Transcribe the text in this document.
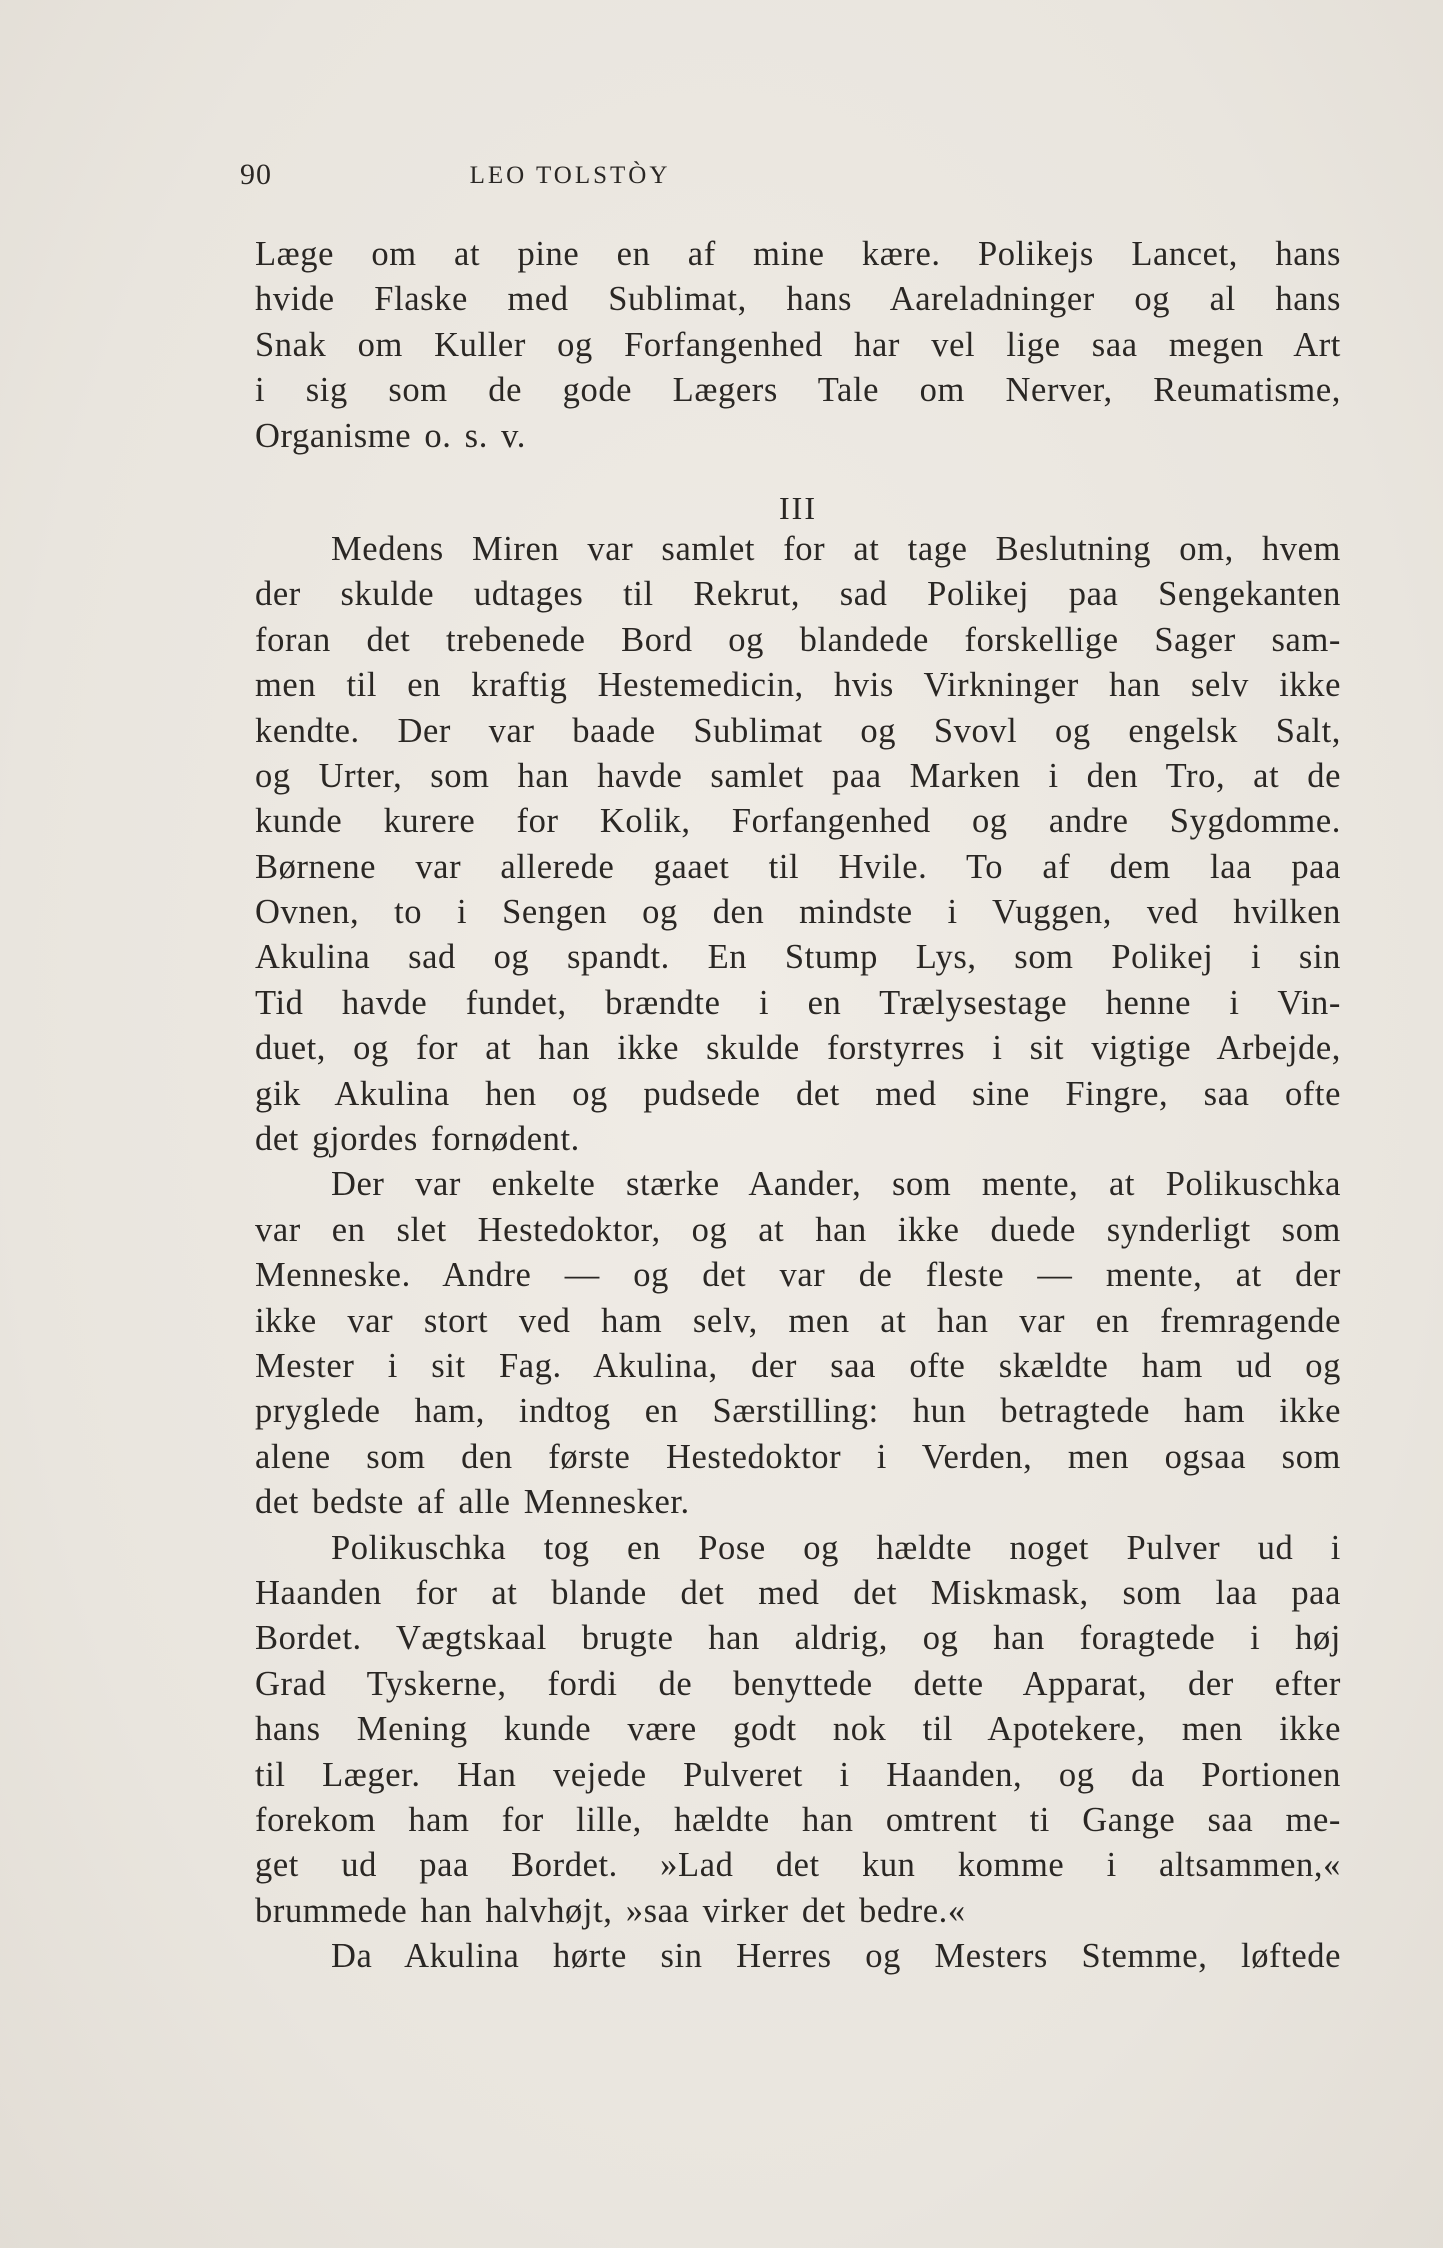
90	LEO TOLSTÒY
Læge om at pine en af mine kære. Polikejs Lancet, hans
hvide Flaske med Sublimat, hans Aareladninger og al hans
Snak om Kuller og Forfangenhed har vel lige saa megen Art
i sig som de gode Lægers Tale om Nerver, Reumatisme,
Organisme o. s. v.
III
Medens Miren var samlet for at tage Beslutning om, hvem
der skulde udtages til Rekrut, sad Polikej paa Sengekanten
foran det trebenede Bord og blandede forskellige Sager sam-
men til en kraftig Hestemedicin, hvis Virkninger han selv ikke
kendte. Der var baade Sublimat og Svovl og engelsk Salt,
og Urter, som han havde samlet paa Marken i den Tro, at de
kunde kurere for Kolik, Forfangenhed og andre Sygdomme.
Børnene var allerede gaaet til Hvile. To af dem laa paa
Ovnen, to i Sengen og den mindste i Vuggen, ved hvilken
Akulina sad og spandt. En Stump Lys, som Polikej i sin
Tid havde fundet, brændte i en Trælysestage henne i Vin-
duet, og for at han ikke skulde forstyrres i sit vigtige Arbejde,
gik Akulina hen og pudsede det med sine Fingre, saa ofte
det gjordes fornødent.
Der var enkelte stærke Aander, som mente, at Polikuschka
var en slet Hestedoktor, og at han ikke duede synderligt som
Menneske. Andre — og det var de fleste — mente, at der
ikke var stort ved ham selv, men at han var en fremragende
Mester i sit Fag. Akulina, der saa ofte skældte ham ud og
pryglede ham, indtog en Særstilling: hun betragtede ham ikke
alene som den første Hestedoktor i Verden, men ogsaa som
det bedste af alle Mennesker.
Polikuschka tog en Pose og hældte noget Pulver ud i
Haanden for at blande det med det Miskmask, som laa paa
Bordet. Vægtskaal brugte han aldrig, og han foragtede i høj
Grad Tyskerne, fordi de benyttede dette Apparat, der efter
hans Mening kunde være godt nok til Apotekere, men ikke
til Læger. Han vejede Pulveret i Haanden, og da Portionen
forekom ham for lille, hældte han omtrent ti Gange saa me-
get ud paa Bordet. »Lad det kun komme i altsammen,«
brummede han halvhøjt, »saa virker det bedre.«
Da Akulina hørte sin Herres og Mesters Stemme, løftede
